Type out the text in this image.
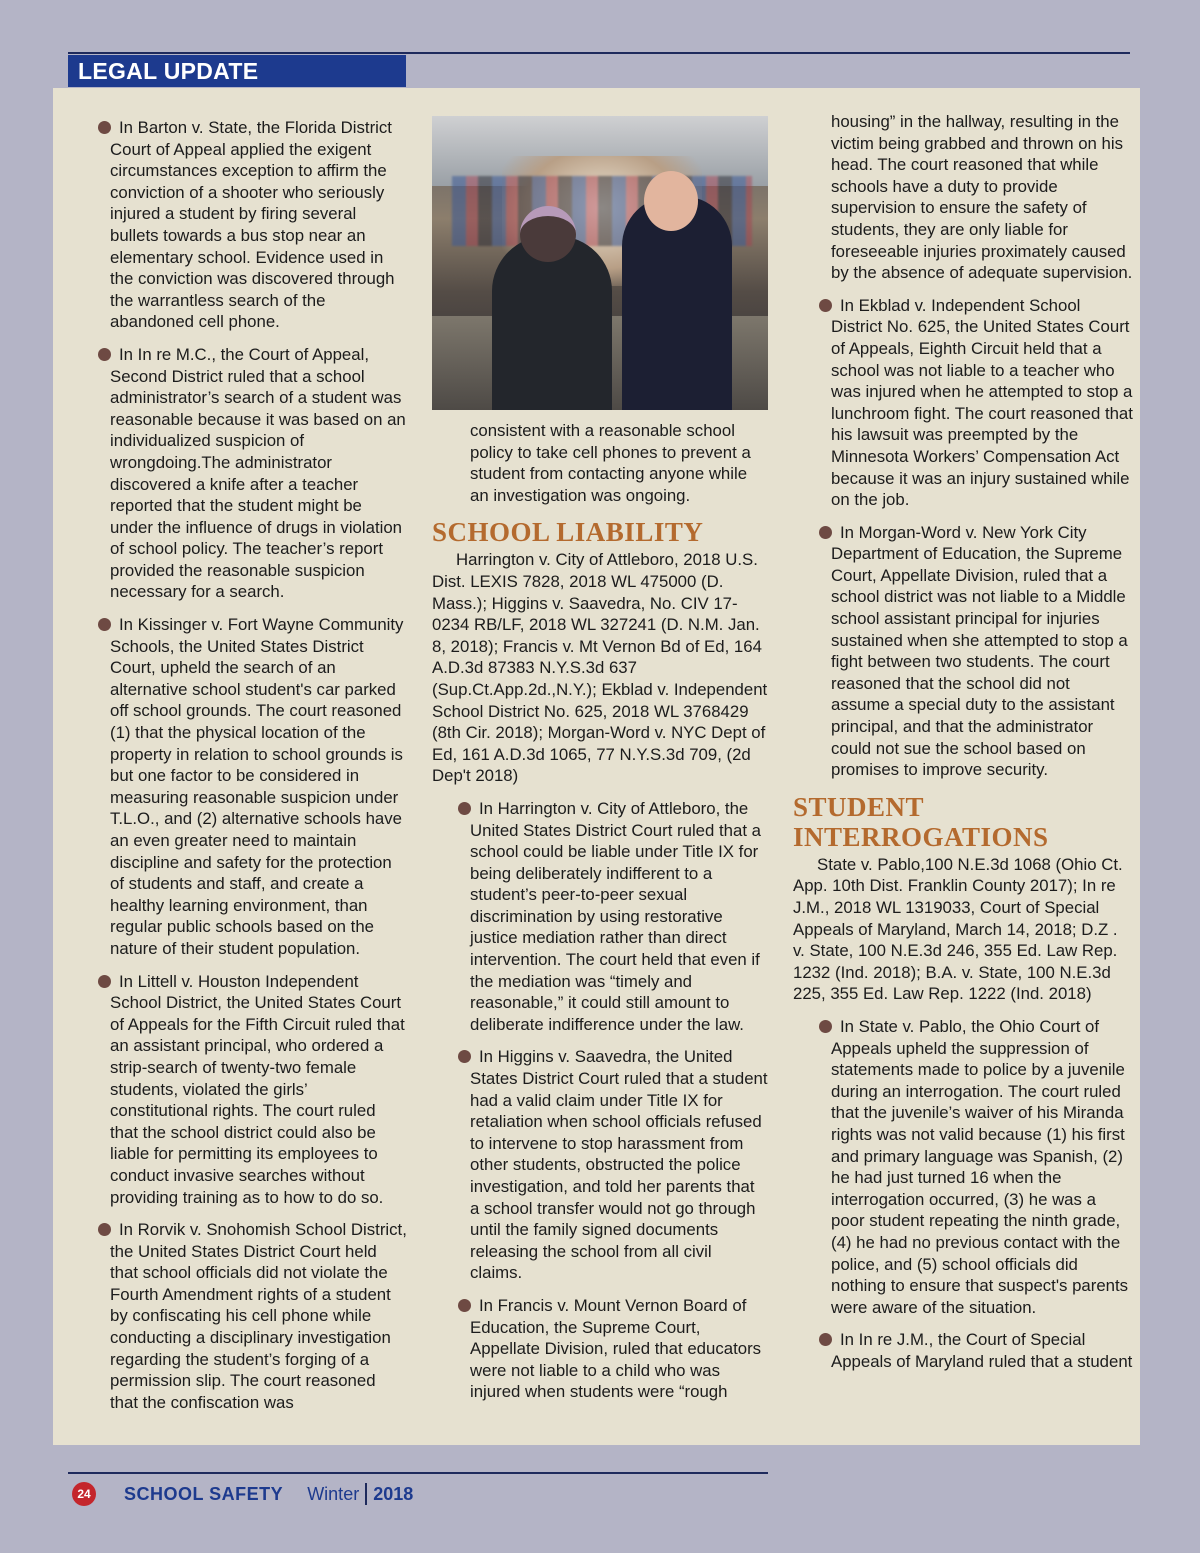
LEGAL UPDATE

In Barton v. State, the Florida District Court of Appeal applied the exigent circumstances exception to affirm the conviction of a shooter who seriously injured a student by firing several bullets towards a bus stop near an elementary school. Evidence used in the conviction was discovered through the warrantless search of the abandoned cell phone.

In In re M.C., the Court of Appeal, Second District ruled that a school administrator’s search of a student was reasonable because it was based on an individualized suspicion of wrongdoing.The administrator discovered a knife after a teacher reported that the student might be under the influence of drugs in violation of school policy. The teacher’s report provided the reasonable suspicion necessary for a search.

In Kissinger v. Fort Wayne Community Schools, the United States District Court, upheld the search of an alternative school student's car parked off school grounds. The court reasoned (1) that the physical location of the property in relation to school grounds is but one factor to be considered in measuring reasonable suspicion under T.L.O., and (2) alternative schools have an even greater need to maintain discipline and safety for the protection of students and staff, and create a healthy learning environment, than regular public schools based on the nature of their student population.

In Littell v. Houston Independent School District, the United States Court of Appeals for the Fifth Circuit ruled that an assistant principal, who ordered a strip-search of twenty-two female students, violated the girls’ constitutional rights. The court ruled that the school district could also be liable for permitting its employees to conduct invasive searches without providing training as to how to do so.

In Rorvik v. Snohomish School District, the United States District Court held that school officials did not violate the Fourth Amendment rights of a student by confiscating his cell phone while conducting a disciplinary investigation regarding the student’s forging of a permission slip. The court reasoned that the confiscation was

consistent with a reasonable school policy to take cell phones to prevent a student from contacting anyone while an investigation was ongoing.

SCHOOL LIABILITY

Harrington v. City of Attleboro, 2018 U.S. Dist. LEXIS 7828, 2018 WL 475000 (D. Mass.); Higgins v. Saavedra, No. CIV 17-0234 RB/LF, 2018 WL 327241 (D. N.M. Jan. 8, 2018); Francis v. Mt Vernon Bd of Ed, 164 A.D.3d 87383 N.Y.S.3d 637 (Sup.Ct.App.2d.,N.Y.); Ekblad v. Independent School District No. 625, 2018 WL 3768429 (8th Cir. 2018); Morgan-Word v. NYC Dept of Ed, 161 A.D.3d 1065, 77 N.Y.S.3d 709, (2d Dep't 2018)

In Harrington v. City of Attleboro, the United States District Court ruled that a school could be liable under Title IX for being deliberately indifferent to a student’s peer-to-peer sexual discrimination by using restorative justice mediation rather than direct intervention. The court held that even if the mediation was “timely and reasonable,” it could still amount to deliberate indifference under the law.

In Higgins v. Saavedra, the United States District Court ruled that a student had a valid claim under Title IX for retaliation when school officials refused to intervene to stop harassment from other students, obstructed the police investigation, and told her parents that a school transfer would not go through until the family signed documents releasing the school from all civil claims.

In Francis v. Mount Vernon Board of Education, the Supreme Court, Appellate Division, ruled that educators were not liable to a child who was injured when students were “rough

housing” in the hallway, resulting in the victim being grabbed and thrown on his head. The court reasoned that while schools have a duty to provide supervision to ensure the safety of students, they are only liable for foreseeable injuries proximately caused by the absence of adequate supervision.

In Ekblad v. Independent School District No. 625, the United States Court of Appeals, Eighth Circuit held that a school was not liable to a teacher who was injured when he attempted to stop a lunchroom fight. The court reasoned that his lawsuit was preempted by the Minnesota Workers’ Compensation Act because it was an injury sustained while on the job.

In Morgan-Word v. New York City Department of Education, the Supreme Court, Appellate Division, ruled that a school district was not liable to a Middle school assistant principal for injuries sustained when she attempted to stop a fight between two students. The court reasoned that the school did not assume a special duty to the assistant principal, and that the administrator could not sue the school based on promises to improve security.

STUDENT INTERROGATIONS

State v. Pablo,100 N.E.3d 1068 (Ohio Ct. App. 10th Dist. Franklin County 2017); In re J.M., 2018 WL 1319033, Court of Special Appeals of Maryland, March 14, 2018; D.Z . v. State, 100 N.E.3d 246, 355 Ed. Law Rep. 1232 (Ind. 2018); B.A. v. State, 100 N.E.3d 225, 355 Ed. Law Rep. 1222 (Ind. 2018)

In State v. Pablo, the Ohio Court of Appeals upheld the suppression of statements made to police by a juvenile during an interrogation. The court ruled that the juvenile’s waiver of his Miranda rights was not valid because (1) his first and primary language was Spanish, (2) he had just turned 16 when the interrogation occurred, (3) he was a poor student repeating the ninth grade, (4) he had no previous contact with the police, and (5) school officials did nothing to ensure that suspect's parents were aware of the situation.

In In re J.M., the Court of Special Appeals of Maryland ruled that a student

24 SCHOOL SAFETY Winter 2018
